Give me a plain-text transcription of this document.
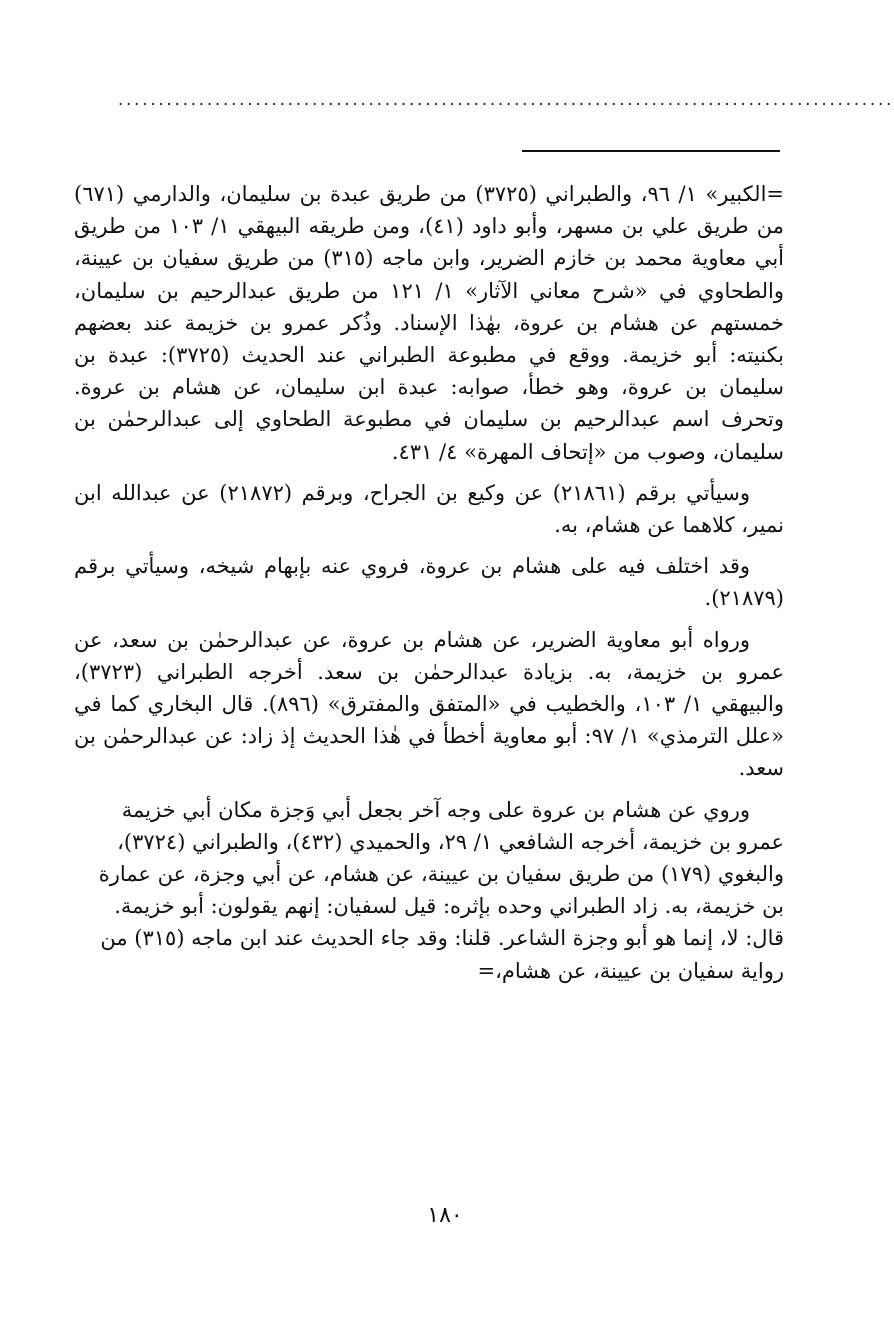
................................................................................................

=الكبير» ١/ ٩٦، والطبراني (٣٧٢٥) من طريق عبدة بن سليمان، والدارمي (٦٧١) من طريق علي بن مسهر، وأبو داود (٤١)، ومن طريقه البيهقي ١/ ١٠٣ من طريق أبي معاوية محمد بن خازم الضرير، وابن ماجه (٣١٥) من طريق سفيان بن عيينة، والطحاوي في «شرح معاني الآثار» ١/ ١٢١ من طريق عبدالرحيم بن سليمان، خمستهم عن هشام بن عروة، بهٰذا الإسناد. وذُكر عمرو بن خزيمة عند بعضهم بكنيته: أبو خزيمة. ووقع في مطبوعة الطبراني عند الحديث (٣٧٢٥): عبدة بن سليمان بن عروة، وهو خطأ، صوابه: عبدة ابن سليمان، عن هشام بن عروة. وتحرف اسم عبدالرحيم بن سليمان في مطبوعة الطحاوي إلى عبدالرحمٰن بن سليمان، وصوب من «إتحاف المهرة» ٤/ ٤٣١.

وسيأتي برقم (٢١٨٦١) عن وكيع بن الجراح، وبرقم (٢١٨٧٢) عن عبدالله ابن نمير، كلاهما عن هشام، به.

وقد اختلف فيه على هشام بن عروة، فروي عنه بإبهام شيخه، وسيأتي برقم (٢١٨٧٩).

ورواه أبو معاوية الضرير، عن هشام بن عروة، عن عبدالرحمٰن بن سعد، عن عمرو بن خزيمة، به. بزيادة عبدالرحمٰن بن سعد. أخرجه الطبراني (٣٧٢٣)، والبيهقي ١/ ١٠٣، والخطيب في «المتفق والمفترق» (٨٩٦). قال البخاري كما في «علل الترمذي» ١/ ٩٧: أبو معاوية أخطأ في هٰذا الحديث إذ زاد: عن عبدالرحمٰن بن سعد.

وروي عن هشام بن عروة على وجه آخر بجعل أبي وَجزة مكان أبي خزيمة عمرو بن خزيمة، أخرجه الشافعي ١/ ٢٩، والحميدي (٤٣٢)، والطبراني (٣٧٢٤)، والبغوي (١٧٩) من طريق سفيان بن عيينة، عن هشام، عن أبي وجزة، عن عمارة بن خزيمة، به. زاد الطبراني وحده بإثره: قيل لسفيان: إنهم يقولون: أبو خزيمة. قال: لا، إنما هو أبو وجزة الشاعر. قلنا: وقد جاء الحديث عند ابن ماجه (٣١٥) من رواية سفيان بن عيينة، عن هشام،=

١٨٠
